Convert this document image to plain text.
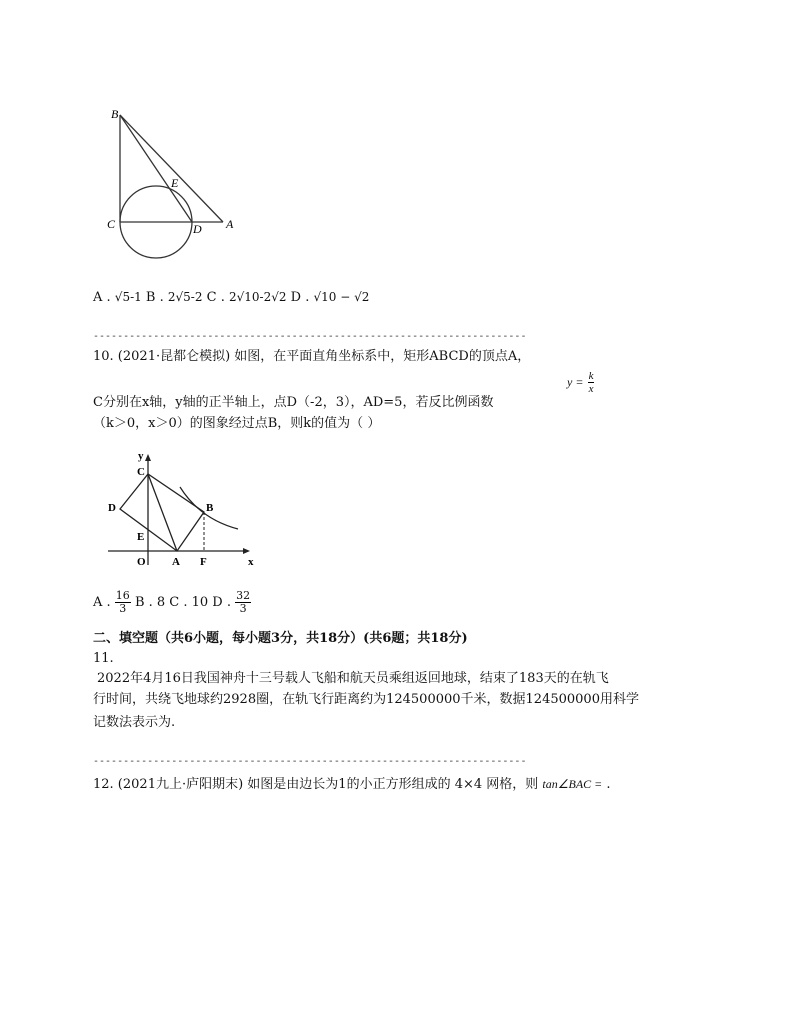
B
E
C	D A
A . √5-1 B . 2√5-2 C . 2√10-2√2 D . √10 − √2
------------------------------------------------------------------------
10. (2021·昆都仑模拟) 如图，在平面直角坐标系中，矩形ABCD的顶点A，
$y = \frac{k}{x}$
C分别在x轴，y轴的正半轴上，点D（-2，3），AD=5，若反比例函数
（k＞0，x＞0）的图象经过点B，则k的值为（ ）
y
C
D	B
E
O A F	x
A . $\frac{16}{3}$ B . 8 C . 10 D . $\frac{32}{3}$
二、填空题（共6小题，每小题3分，共18分）(共6题；共18分)
11.
2022年4月16日我国神舟十三号载人飞船和航天员乘组返回地球，结束了183天的在轨飞
行时间，共绕飞地球约2928圈，在轨飞行距离约为124500000千米，数据124500000用科学
记数法表示为.
------------------------------------------------------------------------
12. (2021九上·庐阳期末) 如图是由边长为1的小正方形组成的 4×4 网格，则 tan∠BAC = .
